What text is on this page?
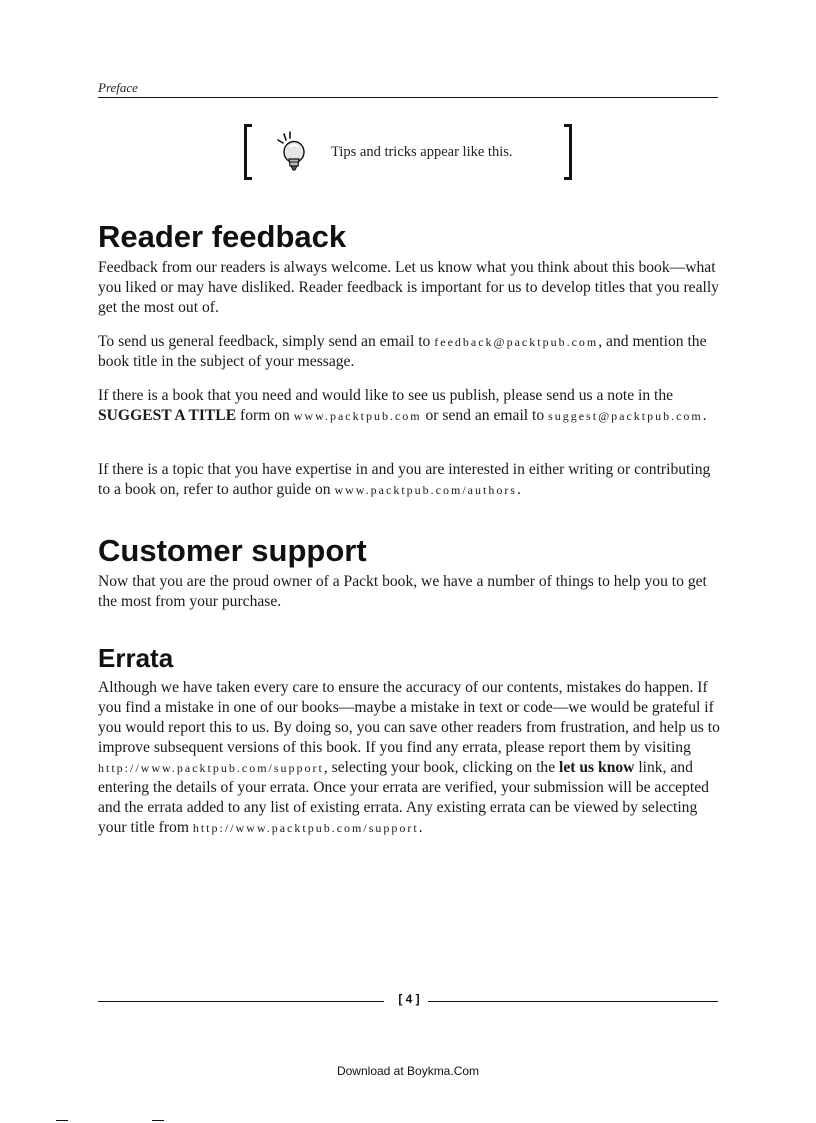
Preface
Tips and tricks appear like this.
Reader feedback

Feedback from our readers is always welcome. Let us know what you think about this book—what you liked or may have disliked. Reader feedback is important for us to develop titles that you really get the most out of.

To send us general feedback, simply send an email to feedback@packtpub.com, and mention the book title in the subject of your message.

If there is a book that you need and would like to see us publish, please send us a note in the SUGGEST A TITLE form on www.packtpub.com or send an email to suggest@packtpub.com.

If there is a topic that you have expertise in and you are interested in either writing or contributing to a book on, refer to author guide on www.packtpub.com/authors.

Customer support

Now that you are the proud owner of a Packt book, we have a number of things to help you to get the most from your purchase.

Errata

Although we have taken every care to ensure the accuracy of our contents, mistakes do happen. If you find a mistake in one of our books—maybe a mistake in text or code—we would be grateful if you would report this to us. By doing so, you can save other readers from frustration, and help us to improve subsequent versions of this book. If you find any errata, please report them by visiting http://www.packtpub.com/support, selecting your book, clicking on the let us know link, and entering the details of your errata. Once your errata are verified, your submission will be accepted and the errata added to any list of existing errata. Any existing errata can be viewed by selecting your title from http://www.packtpub.com/support.

[ 4 ]
Download at Boykma.Com
